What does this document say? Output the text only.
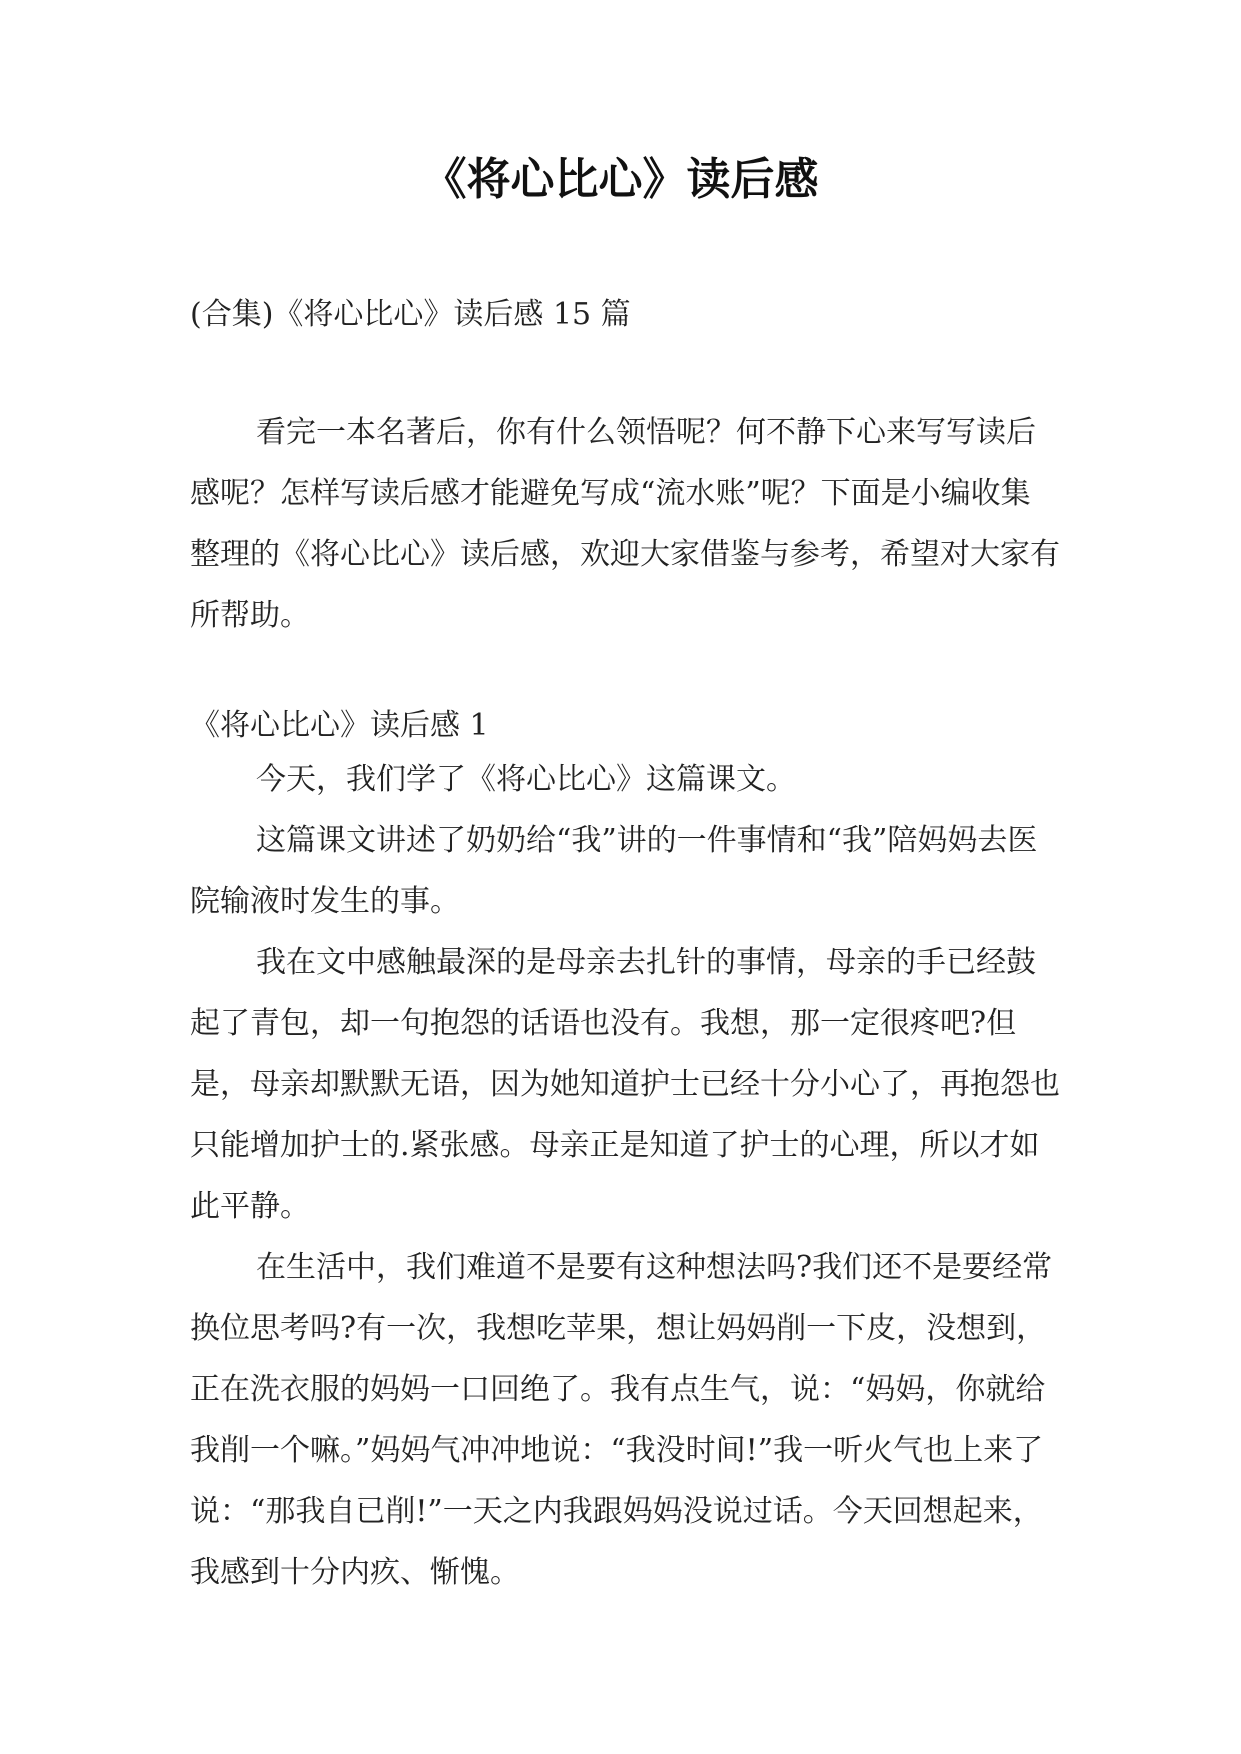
《将心比心》读后感
(合集)《将心比心》读后感 15 篇

看完一本名著后，你有什么领悟呢？何不静下心来写写读后感呢？怎样写读后感才能避免写成“流水账”呢？下面是小编收集整理的《将心比心》读后感，欢迎大家借鉴与参考，希望对大家有所帮助。

《将心比心》读后感 1

今天，我们学了《将心比心》这篇课文。

这篇课文讲述了奶奶给“我”讲的一件事情和“我”陪妈妈去医院输液时发生的事。

我在文中感触最深的是母亲去扎针的事情，母亲的手已经鼓起了青包，却一句抱怨的话语也没有。我想，那一定很疼吧?但是，母亲却默默无语，因为她知道护士已经十分小心了，再抱怨也只能增加护士的.紧张感。母亲正是知道了护士的心理，所以才如此平静。

在生活中，我们难道不是要有这种想法吗?我们还不是要经常换位思考吗?有一次，我想吃苹果，想让妈妈削一下皮，没想到，正在洗衣服的妈妈一口回绝了。我有点生气，说：“妈妈，你就给我削一个嘛。”妈妈气冲冲地说：“我没时间!”我一听火气也上来了说：“那我自已削!”一天之内我跟妈妈没说过话。今天回想起来，我感到十分内疚、惭愧。
